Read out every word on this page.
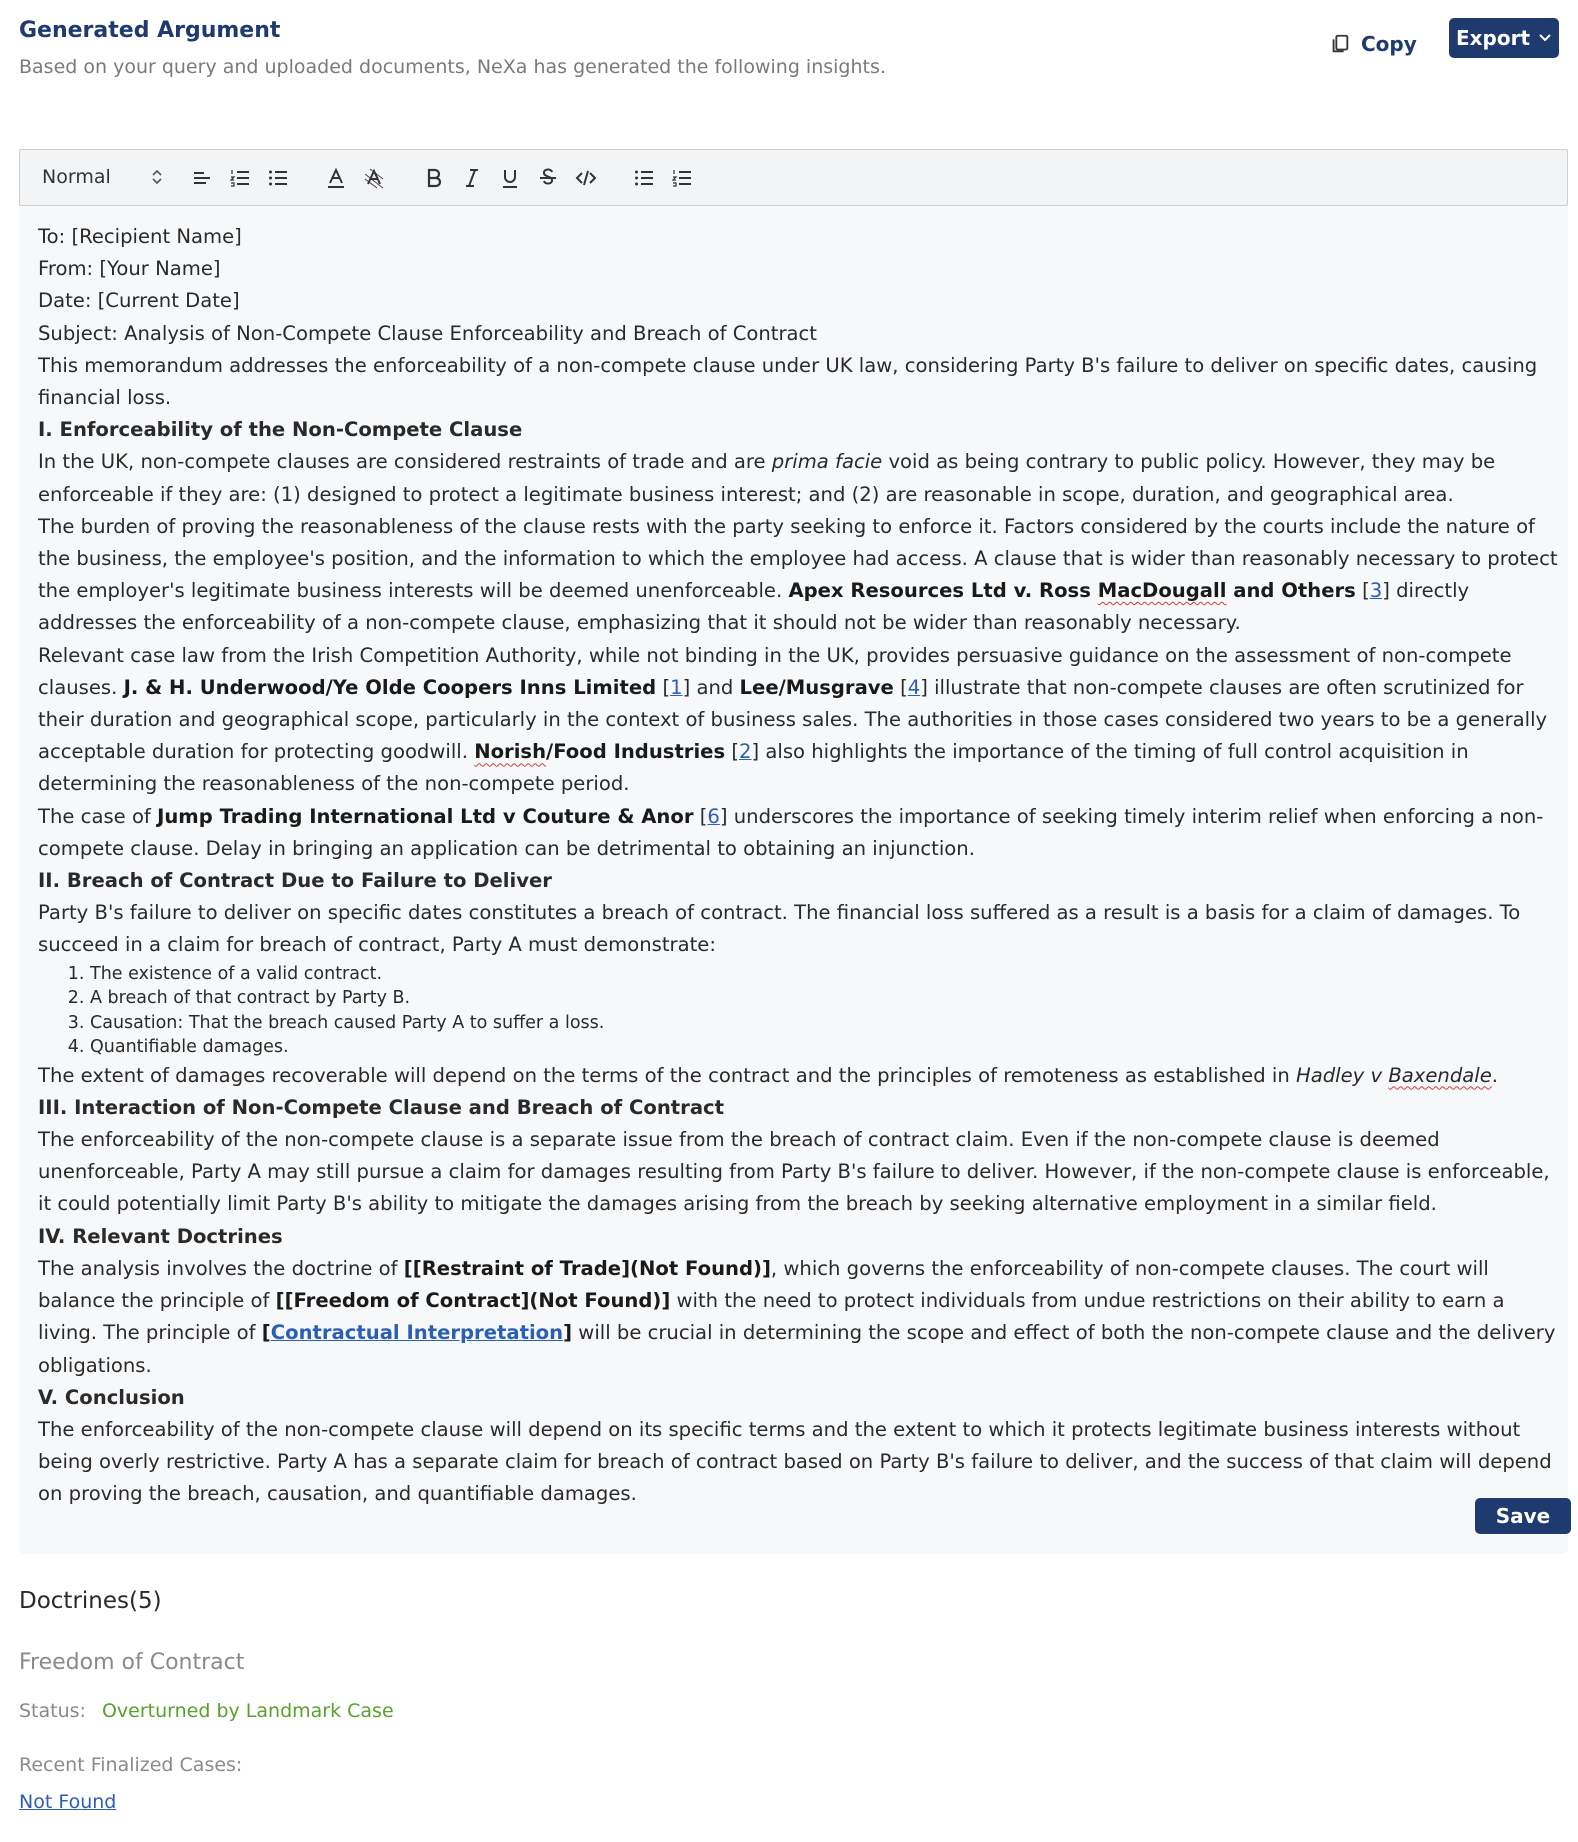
Generated Argument
Based on your query and uploaded documents, NeXa has generated the following insights.
Copy Export
Normal

To: [Recipient Name]

From: [Your Name]

Date: [Current Date]

Subject: Analysis of Non-Compete Clause Enforceability and Breach of Contract

This memorandum addresses the enforceability of a non-compete clause under UK law, considering Party B's failure to deliver on specific dates, causing financial loss.

I. Enforceability of the Non-Compete Clause

In the UK, non-compete clauses are considered restraints of trade and are prima facie void as being contrary to public policy. However, they may be enforceable if they are: (1) designed to protect a legitimate business interest; and (2) are reasonable in scope, duration, and geographical area.

The burden of proving the reasonableness of the clause rests with the party seeking to enforce it. Factors considered by the courts include the nature of the business, the employee's position, and the information to which the employee had access. A clause that is wider than reasonably necessary to protect the employer's legitimate business interests will be deemed unenforceable. Apex Resources Ltd v. Ross MacDougall and Others [3] directly addresses the enforceability of a non-compete clause, emphasizing that it should not be wider than reasonably necessary.

Relevant case law from the Irish Competition Authority, while not binding in the UK, provides persuasive guidance on the assessment of non-compete clauses. J. & H. Underwood/Ye Olde Coopers Inns Limited [1] and Lee/Musgrave [4] illustrate that non-compete clauses are often scrutinized for their duration and geographical scope, particularly in the context of business sales. The authorities in those cases considered two years to be a generally acceptable duration for protecting goodwill. Norish/Food Industries [2] also highlights the importance of the timing of full control acquisition in determining the reasonableness of the non-compete period.

The case of Jump Trading International Ltd v Couture & Anor [6] underscores the importance of seeking timely interim relief when enforcing a non-compete clause. Delay in bringing an application can be detrimental to obtaining an injunction.

II. Breach of Contract Due to Failure to Deliver

Party B's failure to deliver on specific dates constitutes a breach of contract. The financial loss suffered as a result is a basis for a claim of damages. To succeed in a claim for breach of contract, Party A must demonstrate:

1. The existence of a valid contract.
2. A breach of that contract by Party B.
3. Causation: That the breach caused Party A to suffer a loss.
4. Quantifiable damages.

The extent of damages recoverable will depend on the terms of the contract and the principles of remoteness as established in Hadley v Baxendale.

III. Interaction of Non-Compete Clause and Breach of Contract

The enforceability of the non-compete clause is a separate issue from the breach of contract claim. Even if the non-compete clause is deemed unenforceable, Party A may still pursue a claim for damages resulting from Party B's failure to deliver. However, if the non-compete clause is enforceable, it could potentially limit Party B's ability to mitigate the damages arising from the breach by seeking alternative employment in a similar field.

IV. Relevant Doctrines

The analysis involves the doctrine of [[Restraint of Trade](Not Found)], which governs the enforceability of non-compete clauses. The court will balance the principle of [[Freedom of Contract](Not Found)] with the need to protect individuals from undue restrictions on their ability to earn a living. The principle of [Contractual Interpretation] will be crucial in determining the scope and effect of both the non-compete clause and the delivery obligations.

V. Conclusion

The enforceability of the non-compete clause will depend on its specific terms and the extent to which it protects legitimate business interests without being overly restrictive. Party A has a separate claim for breach of contract based on Party B's failure to deliver, and the success of that claim will depend on proving the breach, causation, and quantifiable damages.

Save
Doctrines(5)
Freedom of Contract
Status: Overturned by Landmark Case
Recent Finalized Cases:
Not Found
